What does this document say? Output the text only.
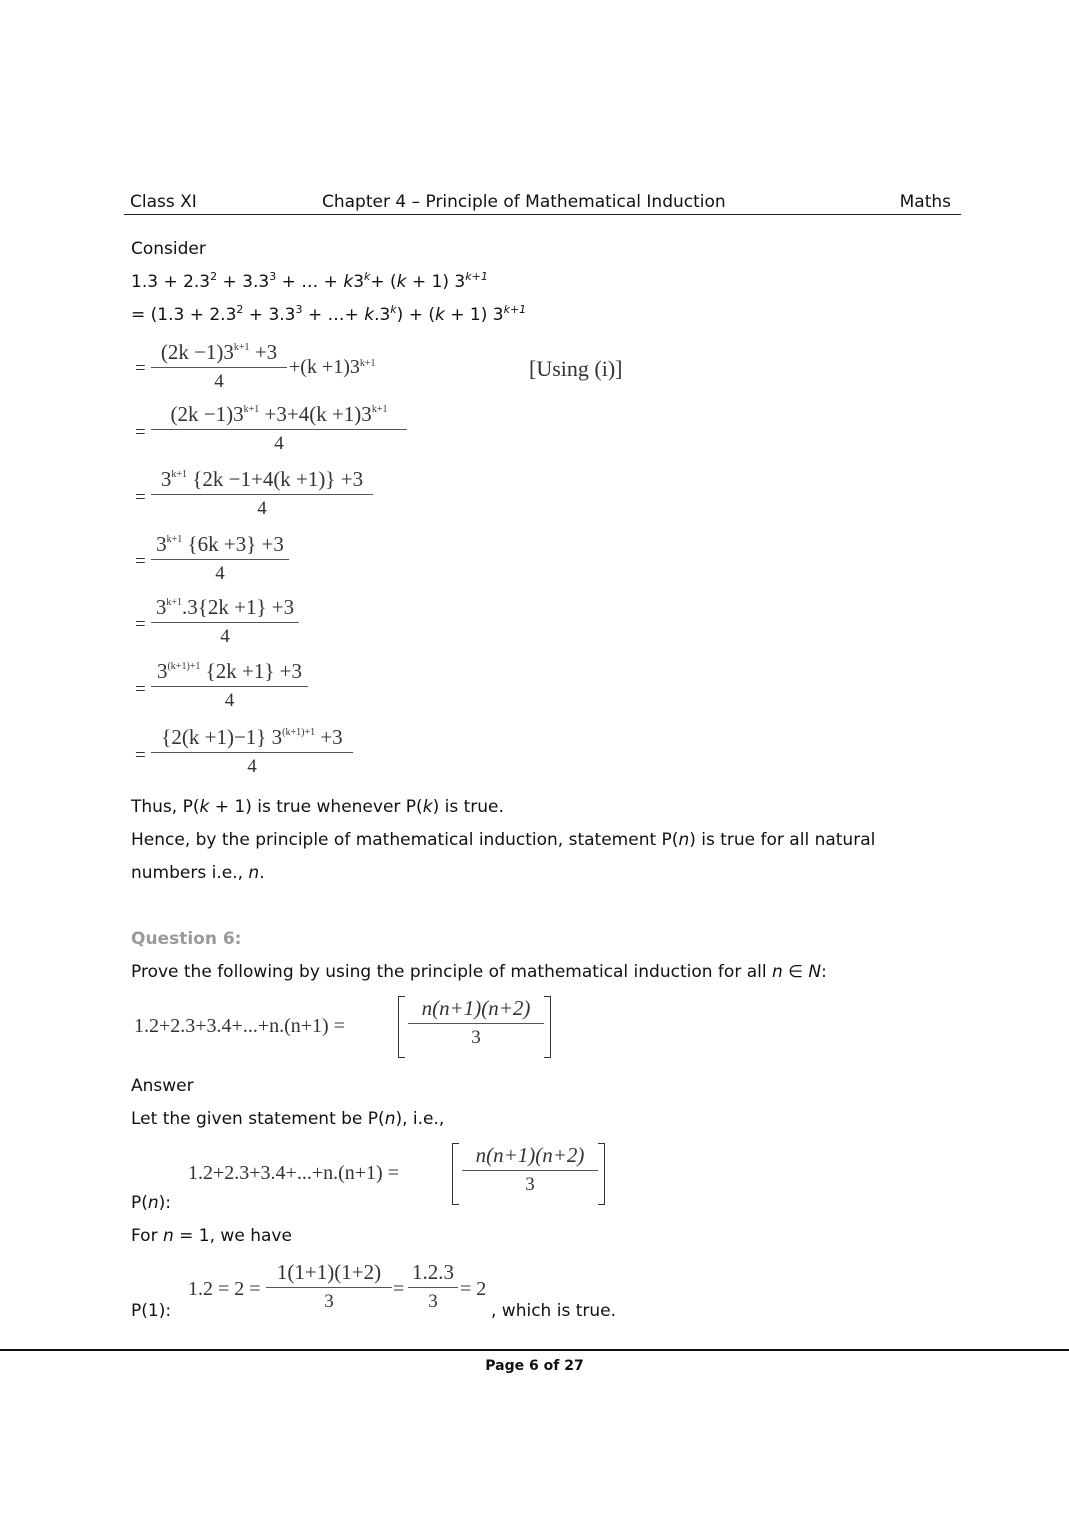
Class XI	Chapter 4 – Principle of Mathematical Induction	Maths
Consider
$1.3 + 2.3^2 + 3.3^3$ + … + $k3^k+ (k + 1)$ $3^{k+1}$
= ($1.3 + 2.3^2 + 3.3^3$ + …+ $k.3^k) + (k + 1)$ $3^{k+1}$
=
$(2k -1)3^{k+1} +3$
4
$+(k +1)3^{k+1}$	[Using (i)]
=
$(2k -1)3^{k+1} +3+4(k +1)3^{k+1}$
4
=
$3^{k+1}$ {2k −1+4(k +1)} +3
4
=
$3^{k+1}$ {6k +3} +3
4
=
$3^{k+1}.3\{2k +1\} +3$
4
=
$3^{(k+1)+1}$ {2k +1} +3
4
=
{2(k +1)−1} $3^{(k+1)+1} +3$
4
Thus, P(k + 1) is true whenever P(k) is true.
Hence, by the principle of mathematical induction, statement P(n) is true for all natural
numbers i.e., n.
Question 6:
Prove the following by using the principle of mathematical induction for all n ∈ N:
1.2+2.3+3.4+...+n.(n+1) =
n(n+1)(n+2)
3
Answer
Let the given statement be P(n), i.e.,
1.2+2.3+3.4+...+n.(n+1) =
n(n+1)(n+2)
3
P(n):
For n = 1, we have
P(1):
1.2 = 2 =
1(1+1)(1+2)
3
=
1.2.3
3
= 2
, which is true.
Page 6 of 27
